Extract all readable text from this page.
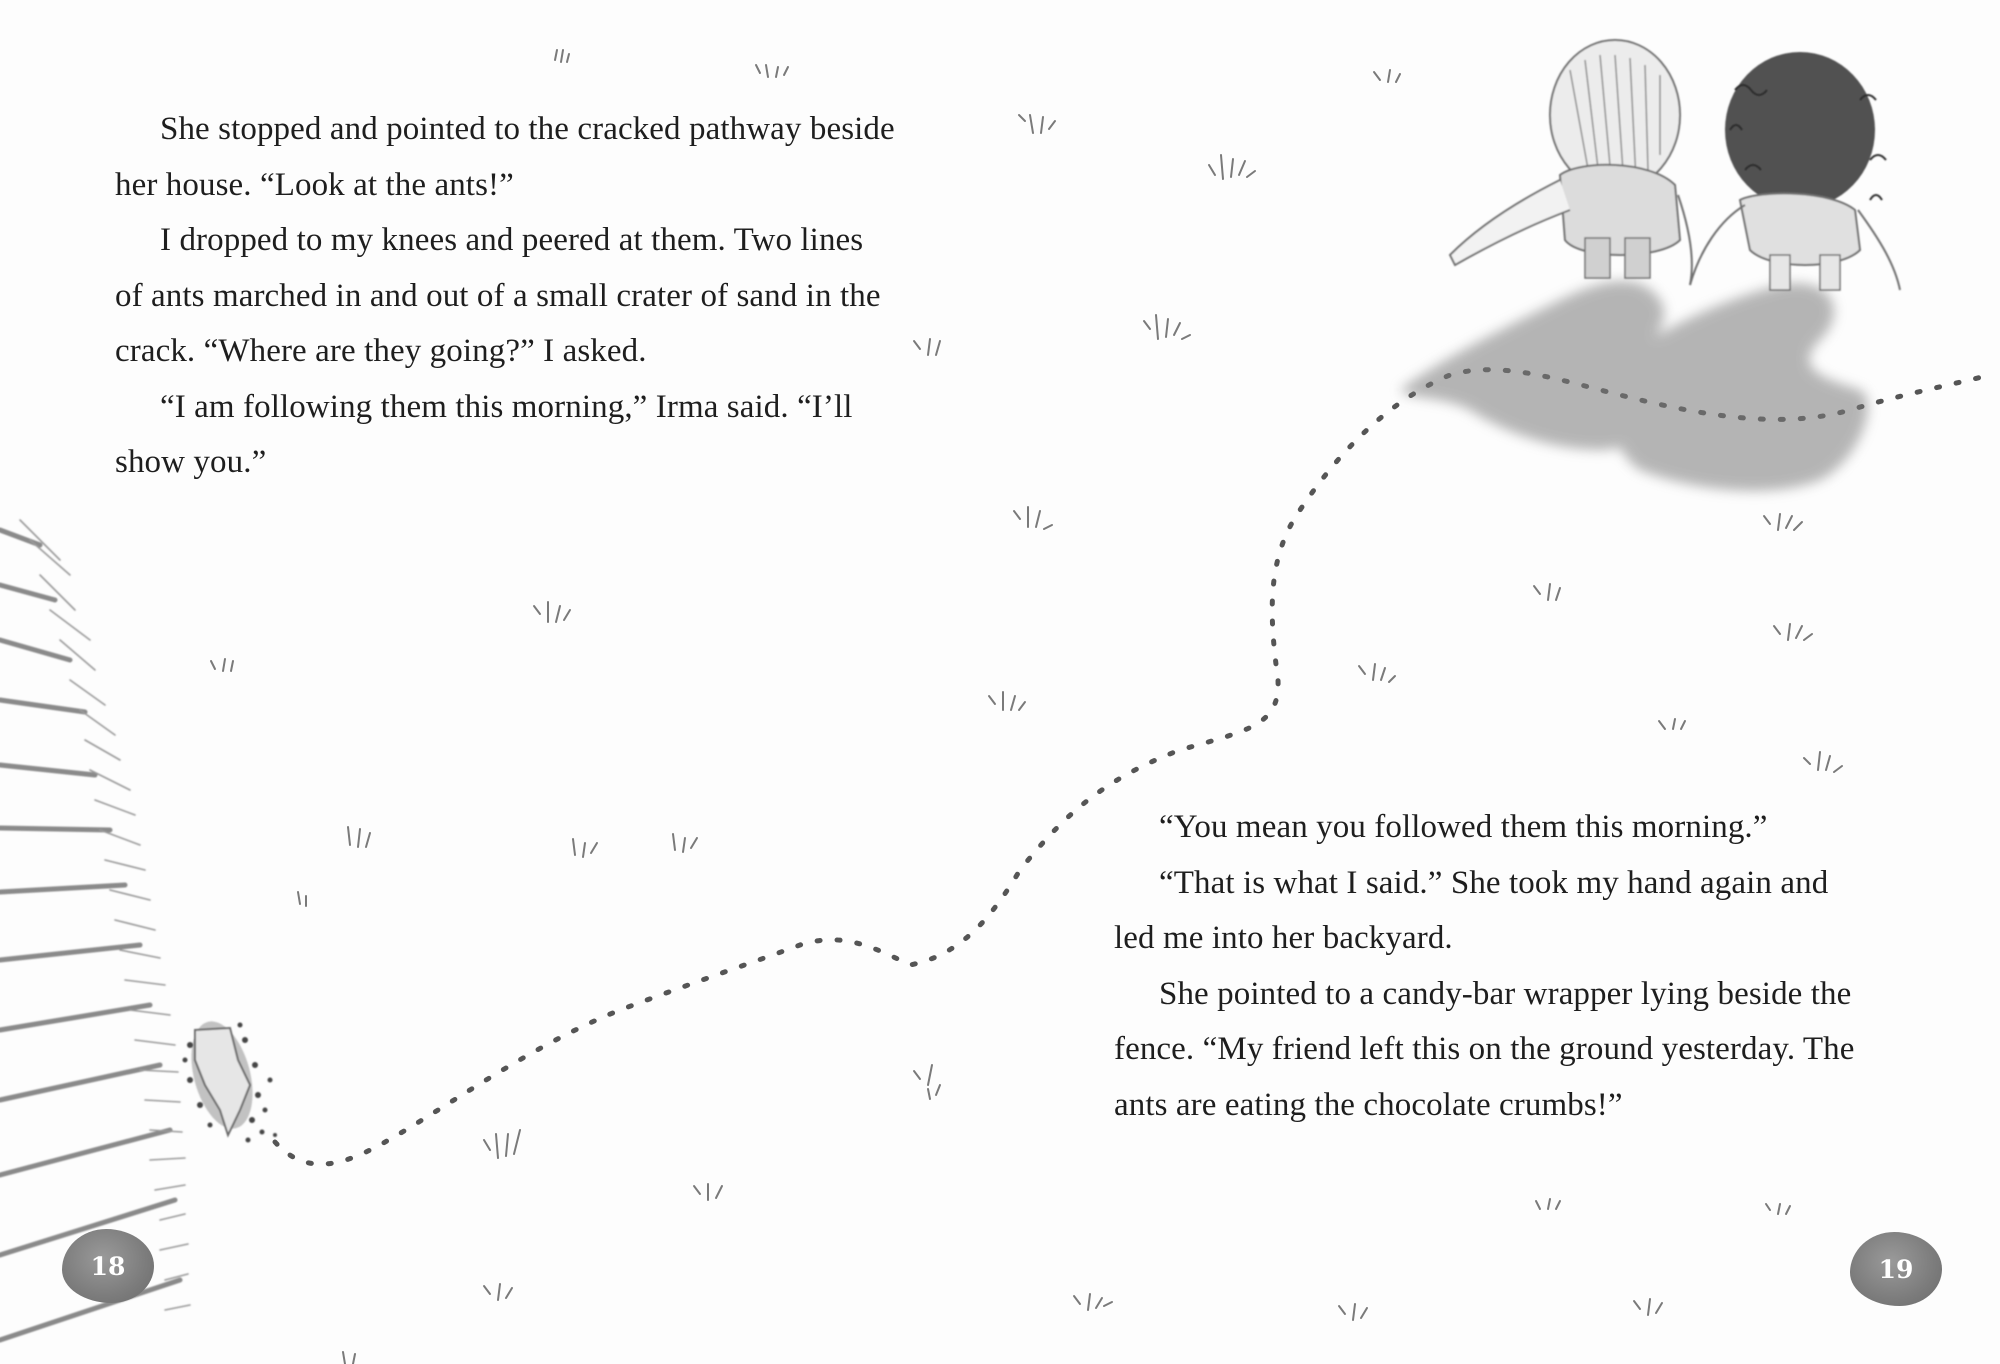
She stopped and pointed to the cracked pathway beside her house. “Look at the ants!”

I dropped to my knees and peered at them. Two lines of ants marched in and out of a small crater of sand in the crack. “Where are they going?” I asked.

“I am following them this morning,” Irma said. “I’ll show you.”

“You mean you followed them this morning.”

“That is what I said.” She took my hand again and led me into her backyard.

She pointed to a candy-bar wrapper lying beside the fence. “My friend left this on the ground yesterday. The ants are eating the chocolate crumbs!”

18	19
